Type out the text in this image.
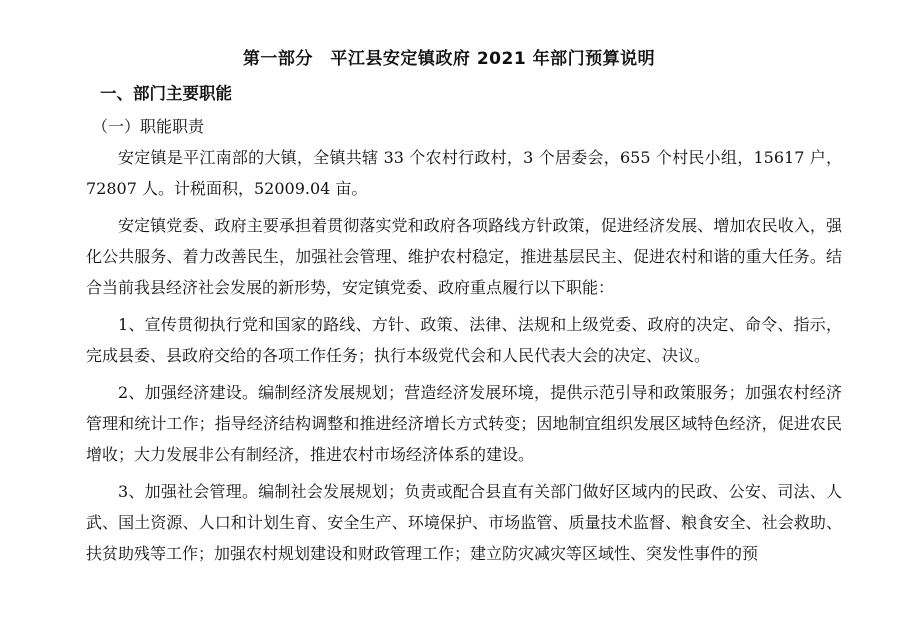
第一部分　平江县安定镇政府 2021 年部门预算说明
一、部门主要职能
（一）职能职责

安定镇是平江南部的大镇，全镇共辖 33 个农村行政村，3 个居委会，655 个村民小组，15617 户，72807 人。计税面积，52009.04 亩。

安定镇党委、政府主要承担着贯彻落实党和政府各项路线方针政策，促进经济发展、增加农民收入，强化公共服务、着力改善民生，加强社会管理、维护农村稳定，推进基层民主、促进农村和谐的重大任务。结合当前我县经济社会发展的新形势，安定镇党委、政府重点履行以下职能：

1、宣传贯彻执行党和国家的路线、方针、政策、法律、法规和上级党委、政府的决定、命令、指示，完成县委、县政府交给的各项工作任务；执行本级党代会和人民代表大会的决定、决议。

2、加强经济建设。编制经济发展规划；营造经济发展环境，提供示范引导和政策服务；加强农村经济管理和统计工作；指导经济结构调整和推进经济增长方式转变；因地制宜组织发展区域特色经济，促进农民增收；大力发展非公有制经济，推进农村市场经济体系的建设。

3、加强社会管理。编制社会发展规划；负责或配合县直有关部门做好区域内的民政、公安、司法、人武、国土资源、人口和计划生育、安全生产、环境保护、市场监管、质量技术监督、粮食安全、社会救助、扶贫助残等工作；加强农村规划建设和财政管理工作；建立防灾减灾等区域性、突发性事件的预
